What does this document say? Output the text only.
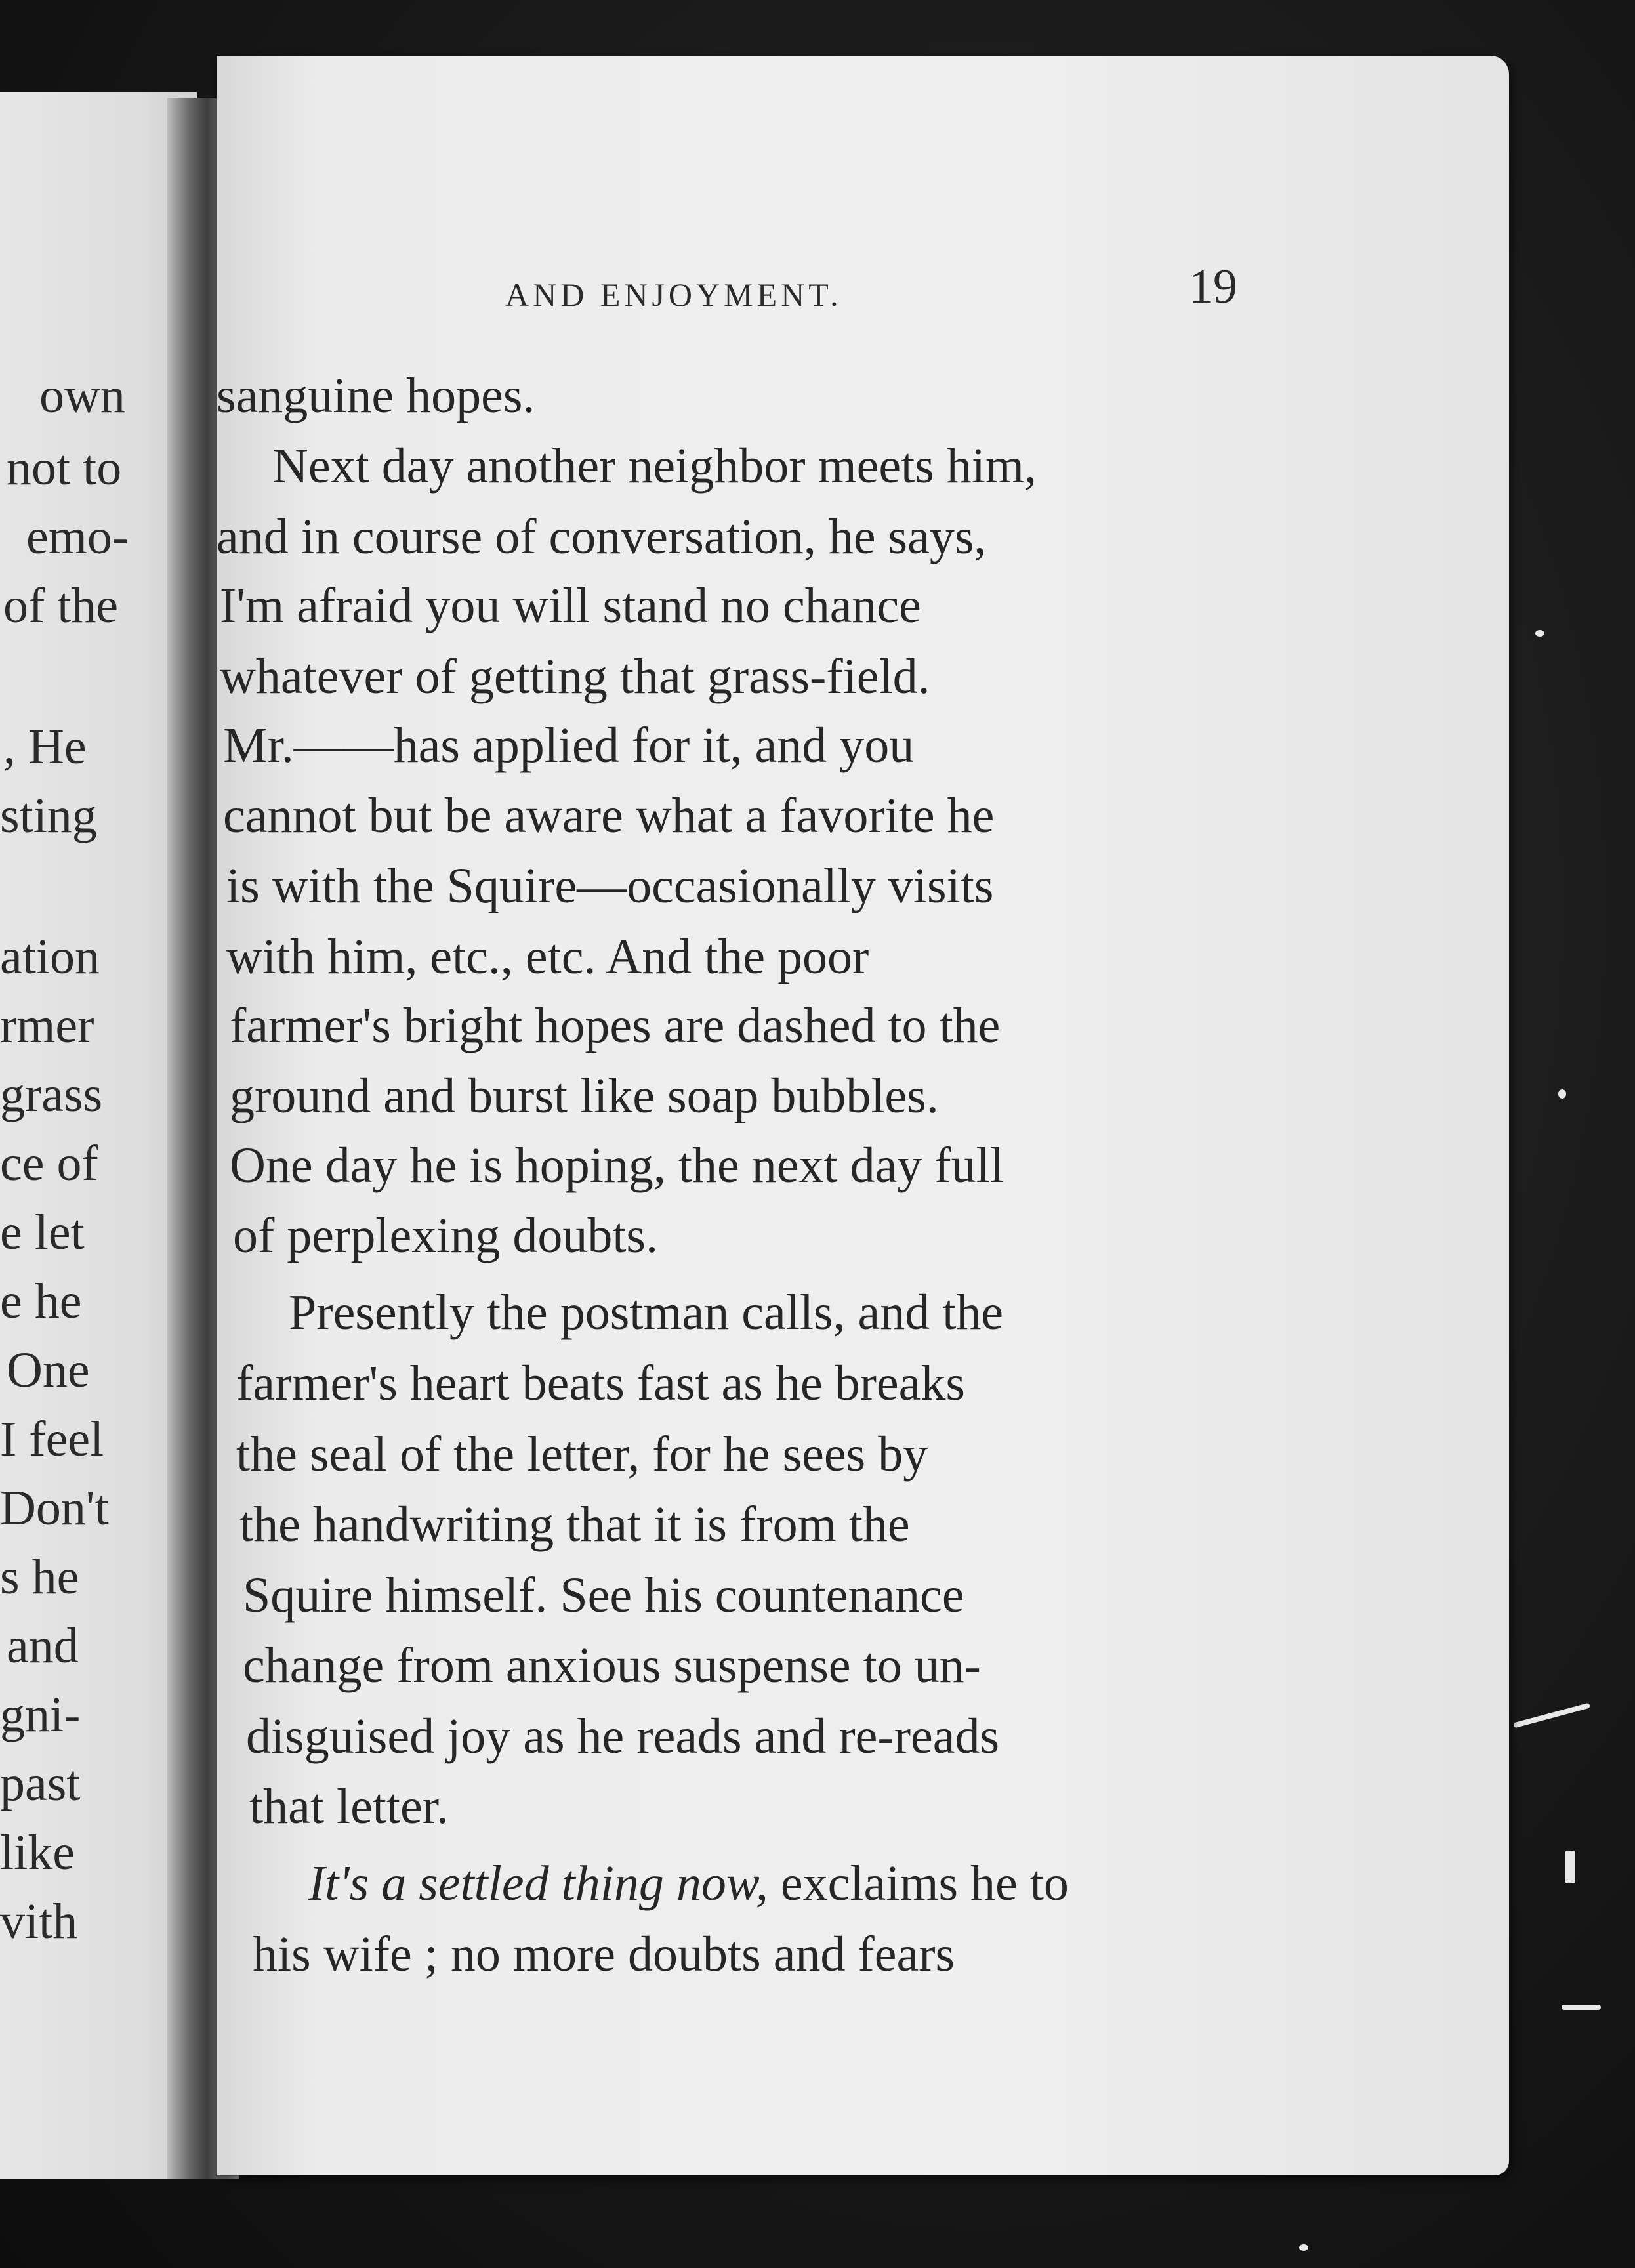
own
not to
emo-
of the
, He
sting
ation
rmer
grass
ce of
e let
e he
One
I feel
Don't
s he
and
gni-
past
like
vith
AND ENJOYMENT.	19
sanguine hopes.
Next day another neighbor meets him,
and in course of conversation, he says,
I'm afraid you will stand no chance
whatever of getting that grass-field.
Mr.——has applied for it, and you
cannot but be aware what a favorite he
is with the Squire—occasionally visits
with him, etc., etc. And the poor
farmer's bright hopes are dashed to the
ground and burst like soap bubbles.
One day he is hoping, the next day full
of perplexing doubts.
Presently the postman calls, and the
farmer's heart beats fast as he breaks
the seal of the letter, for he sees by
the handwriting that it is from the
Squire himself. See his countenance
change from anxious suspense to un-
disguised joy as he reads and re-reads
that letter.
It's a settled thing now, exclaims he to
his wife ; no more doubts and fears
